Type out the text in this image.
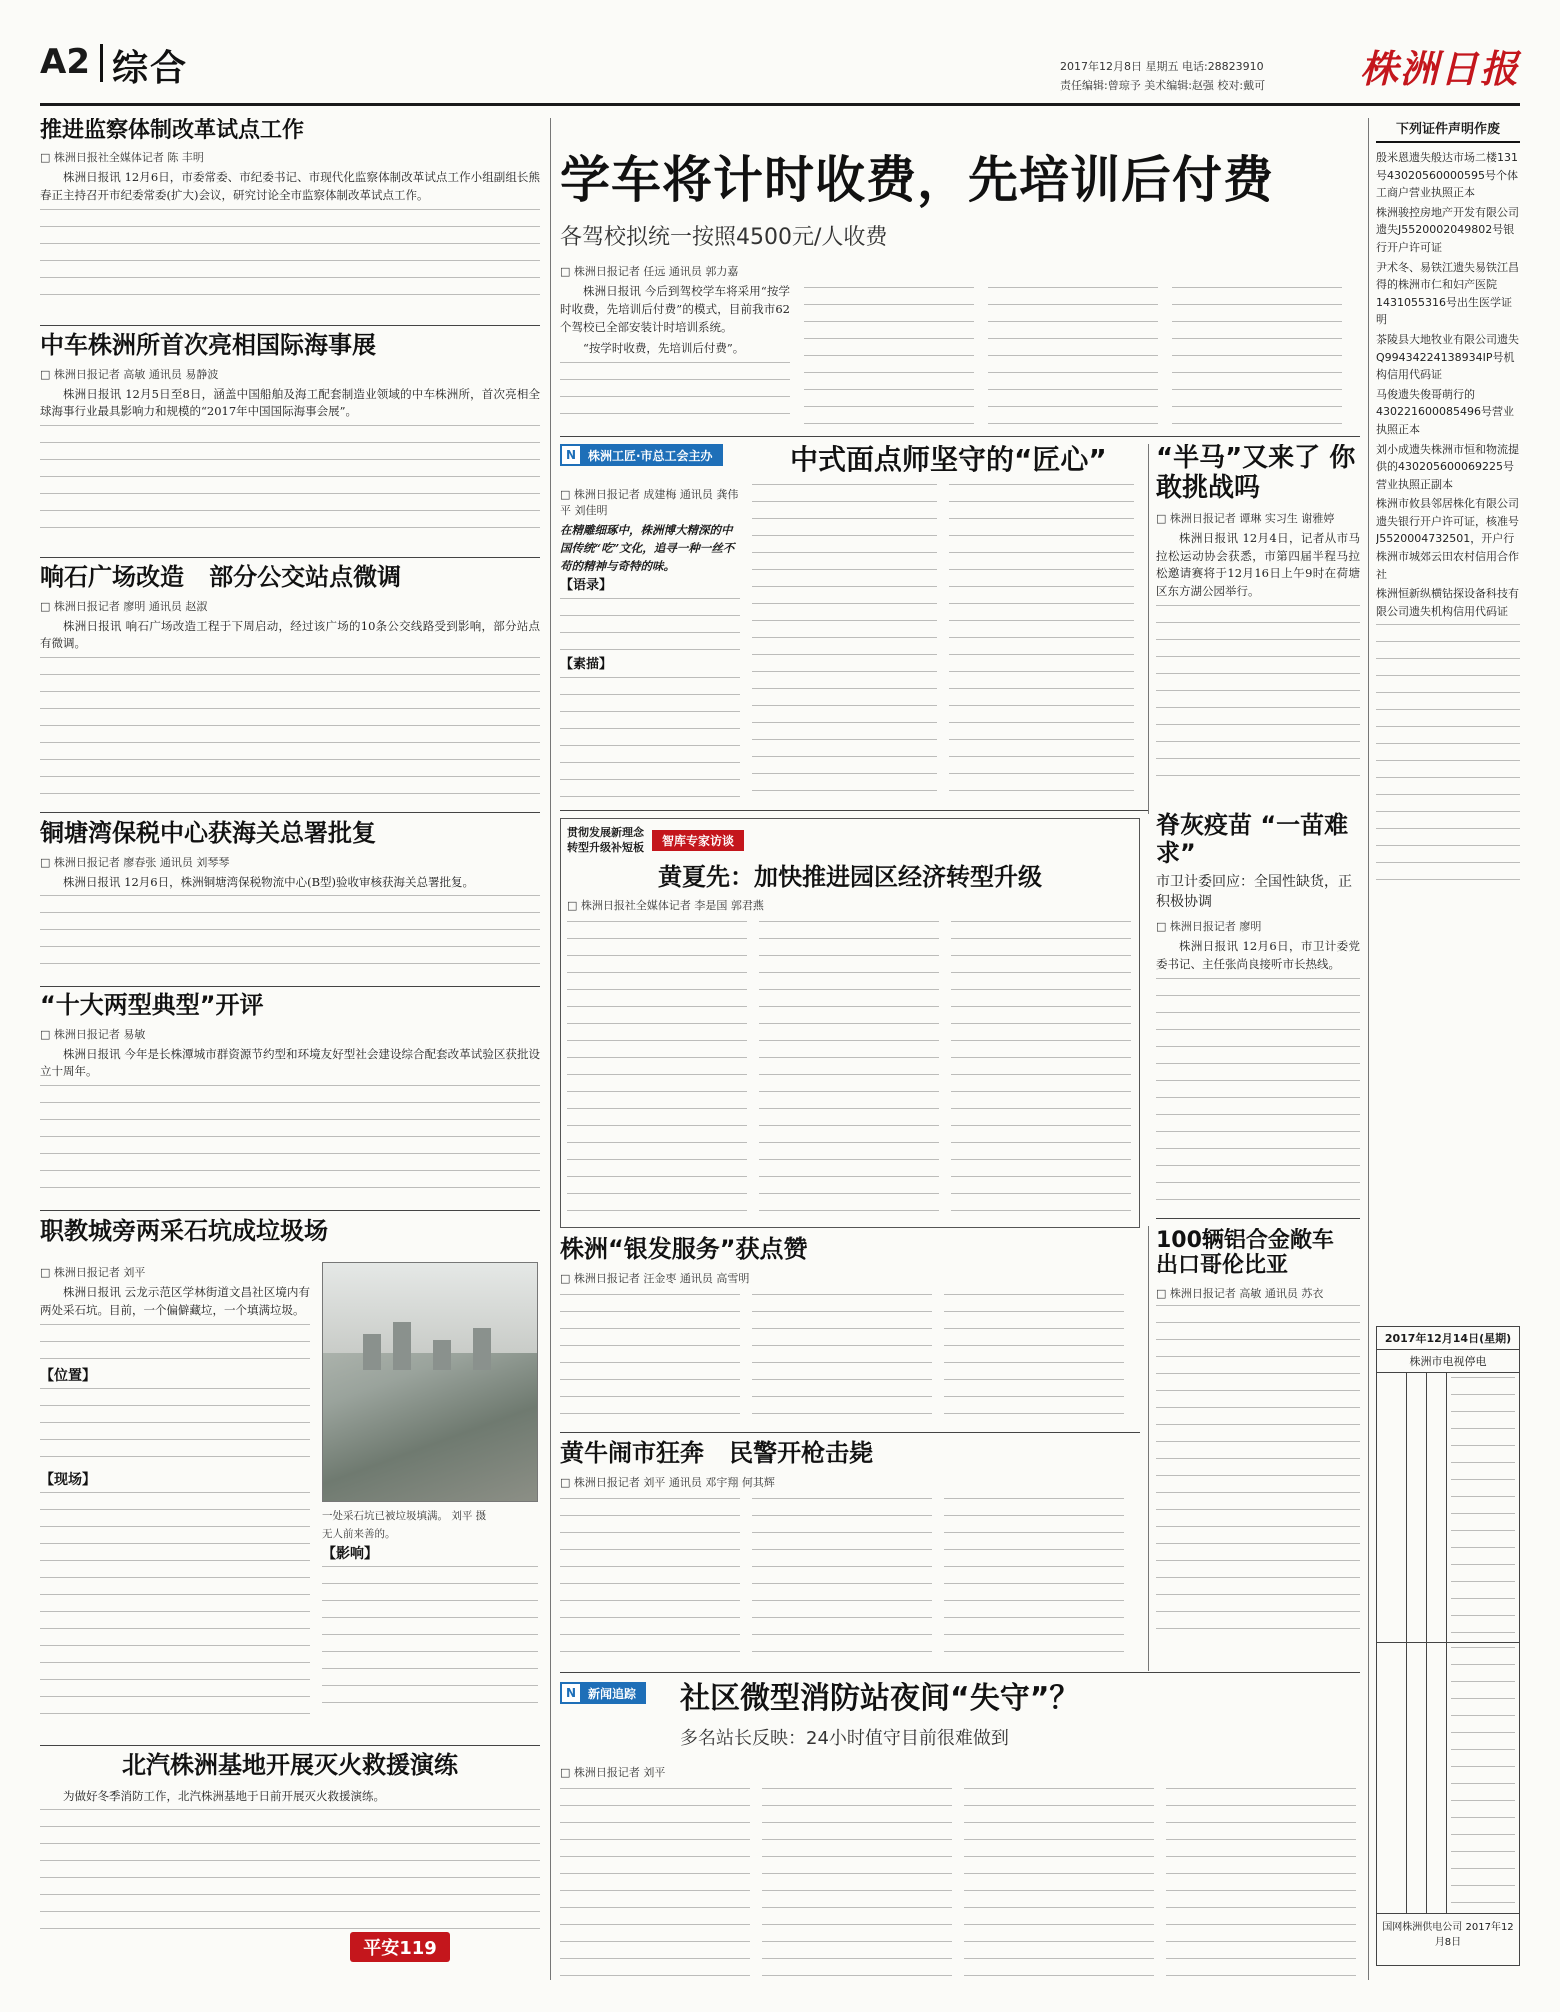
A2 综合	2017年12月8日 星期五 电话:28823910
责任编辑:曾琼予 美术编辑:赵强 校对:戴可 株洲日报
推进监察体制改革试点工作
□ 株洲日报社全媒体记者 陈 丰明
株洲日报讯 12月6日，市委常委、市纪委书记、市现代化监察体制改革试点工作小组副组长熊春正主持召开市纪委常委(扩大)会议，研究讨论全市监察体制改革试点工作。
中车株洲所首次亮相国际海事展
□ 株洲日报记者 高敏 通讯员 易静波
株洲日报讯 12月5日至8日，涵盖中国船舶及海工配套制造业领域的中车株洲所，首次亮相全球海事行业最具影响力和规模的“2017年中国国际海事会展”。
响石广场改造   部分公交站点微调
□ 株洲日报记者 廖明 通讯员 赵淑
株洲日报讯 响石广场改造工程于下周启动，经过该广场的10条公交线路受到影响，部分站点有微调。
铜塘湾保税中心获海关总署批复
□ 株洲日报记者 廖春张 通讯员 刘琴琴
株洲日报讯 12月6日，株洲铜塘湾保税物流中心(B型)验收审核获海关总署批复。
“十大两型典型”开评
□ 株洲日报记者 易敏
株洲日报讯 今年是长株潭城市群资源节约型和环境友好型社会建设综合配套改革试验区获批设立十周年。
职教城旁两采石坑成垃圾场
□ 株洲日报记者 刘平
株洲日报讯 云龙示范区学林街道文昌社区境内有两处采石坑。目前，一个偏僻藏垃，一个填满垃圾。
【位置】
【现场】
一处采石坑已被垃圾填满。 刘平 摄
无人前来善的。
【影响】
北汽株洲基地开展灭火救援演练
为做好冬季消防工作，北汽株洲基地于日前开展灭火救援演练。
平安119
学车将计时收费，先培训后付费
各驾校拟统一按照4500元/人收费
□ 株洲日报记者 任远 通讯员 郭力嘉
株洲日报讯 今后到驾校学车将采用“按学时收费，先培训后付费”的模式，目前我市62个驾校已全部安装计时培训系统。
“按学时收费，先培训后付费”。
N 株洲工匠·市总工会主办	中式面点师坚守的“匠心”
□ 株洲日报记者 成建梅 通讯员 龚伟平 刘佳明
在精雕细琢中，株洲博大精深的中国传统“吃”文化，追寻一种一丝不苟的精神与奇特的味。
【语录】
【素描】
“半马”又来了 你敢挑战吗
□ 株洲日报记者 谭琳 实习生 谢雅婷
株洲日报讯 12月4日，记者从市马拉松运动协会获悉，市第四届半程马拉松邀请赛将于12月16日上午9时在荷塘区东方湖公园举行。
贯彻发展新理念
转型升级补短板	智库专家访谈
黄夏先：加快推进园区经济转型升级
□ 株洲日报社全媒体记者 李是国 郭君燕
脊灰疫苗 “一苗难求”
市卫计委回应：全国性缺货，正积极协调
□ 株洲日报记者 廖明
株洲日报讯 12月6日，市卫计委党委书记、主任张尚良接听市长热线。
株洲“银发服务”获点赞
□ 株洲日报记者 汪金枣 通讯员 高雪明
黄牛闹市狂奔   民警开枪击毙
□ 株洲日报记者 刘平 通讯员 邓宇翔 何其辉
100辆铝合金敞车 出口哥伦比亚
□ 株洲日报记者 高敏 通讯员 苏衣
N 新闻追踪 社区微型消防站夜间“失守”？
多名站长反映：24小时值守目前很难做到
□ 株洲日报记者 刘平
下列证件声明作废

殷米恩遗失般达市场二楼131号43020560000595号个体工商户营业执照正本

株洲骏控房地产开发有限公司遗失J5520002049802号银行开户许可证

尹术冬、易铁江遗失易铁江昌得的株洲市仁和妇产医院1431055316号出生医学证明

茶陵县大地牧业有限公司遗失Q99434224138934IP号机构信用代码证

马俊遗失俊哥萌行的430221600085496号营业执照正本

刘小成遗失株洲市恒和物流提供的430205600069225号营业执照正副本

株洲市攸县邻居株化有限公司遗失银行开户许可证，核准号J5520004732501，开户行株洲市城郊云田农村信用合作社

株洲恒新纵横钻探设备科技有限公司遗失机构信用代码证

2017年12月14日(星期)
株洲市电视停电
国网株洲供电公司 2017年12月8日
